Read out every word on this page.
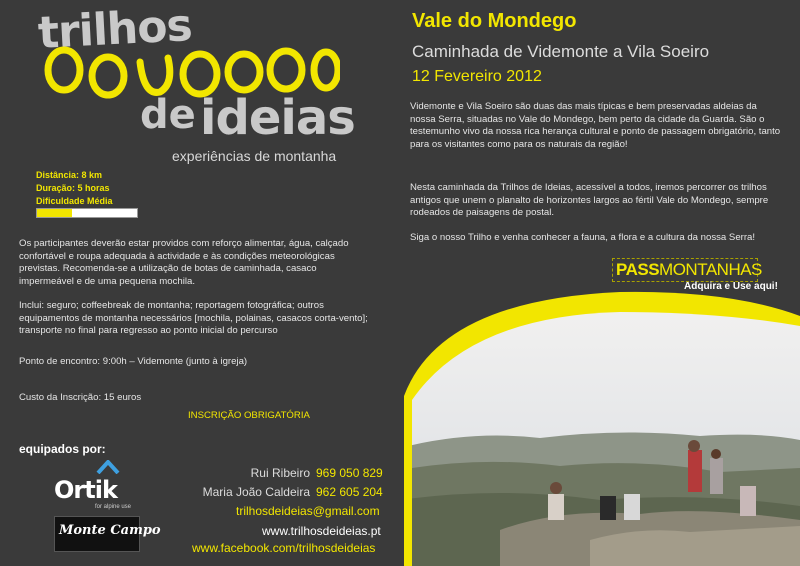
trilhos
de ideias
experiências de montanha
Distância: 8 km
Duração: 5 horas
Dificuldade Média
Os participantes deverão estar providos com reforço alimentar, água, calçado confortável e roupa adequada à actividade e às condições meteorológicas previstas. Recomenda-se a utilização de botas de caminhada, casaco impermeável e de uma pequena mochila.
Inclui: seguro; coffeebreak de montanha; reportagem fotográfica; outros equipamentos de montanha necessários [mochila, polainas, casacos corta-vento]; transporte no final para regresso ao ponto inicial do percurso
Ponto de encontro: 9:00h – Videmonte (junto à igreja)
Custo da Inscrição: 15 euros
INSCRIÇÃO OBRIGATÓRIA
equipados por:
Ortik
for alpine use
Monte Campo
Rui Ribeiro 969 050 829
Maria João Caldeira 962 605 204
trilhosdeideias@gmail.com
www.trilhosdeideias.pt
www.facebook.com/trilhosdeideias
Vale do Mondego
Caminhada de Videmonte a Vila Soeiro
12 Fevereiro 2012
Videmonte e Vila Soeiro são duas das mais típicas e bem preservadas aldeias da nossa Serra, situadas no Vale do Mondego, bem perto da cidade da Guarda. São o testemunho vivo da nossa rica herança cultural e ponto de passagem obrigatório, tanto para os visitantes como para os naturais da região!
Nesta caminhada da Trilhos de Ideias, acessível a todos, iremos percorrer os trilhos antigos que unem o planalto de horizontes largos ao fértil Vale do Mondego, sempre rodeados de paisagens de postal.
Siga o nosso Trilho e venha conhecer a fauna, a flora e a cultura da nossa Serra!
PASSMONTANHAS
Adquira e Use aqui!
